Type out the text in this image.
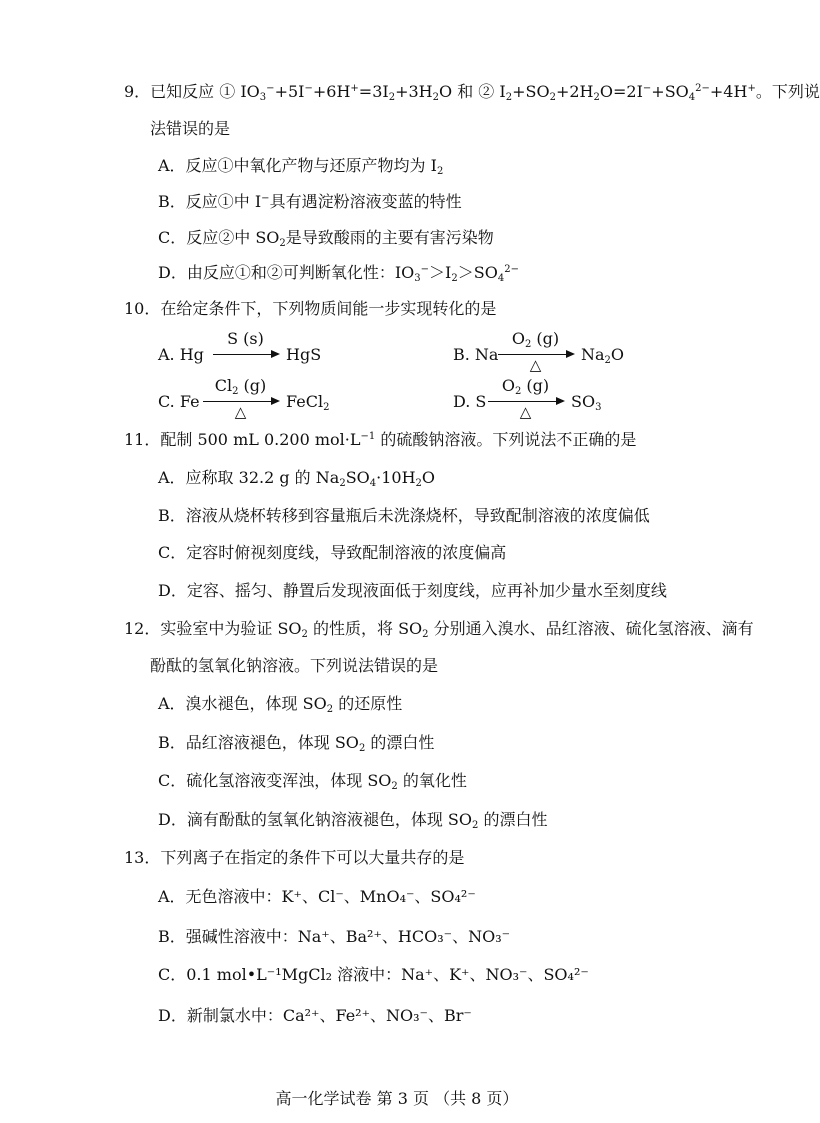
9．已知反应 ① $IO_3^-+5I^-+6H^+=3I_2+3H_2O$ 和 ② $I_2+SO_2+2H_2O=2I^-+SO_4^{2-}+4H^+$。下列说
法错误的是
A．反应①中氧化产物与还原产物均为 $I_2$
B．反应①中 I−具有遇淀粉溶液变蓝的特性
C．反应②中 $SO_2$是导致酸雨的主要有害污染物
D．由反应①和②可判断氧化性：$IO_3^->I_2>SO_4^{2-}$
10．在给定条件下，下列物质间能一步实现转化的是
A. Hg
S (s)
HgS	B. Na
$O_2$ (g)
△
$Na_2O$
C. Fe
$Cl_2$ (g)
△
FeCl$_2$	D. S
$O_2$ (g)
△
$SO_3$
11．配制 500 mL 0.200 $mol\cdot L^{-1}$ 的硫酸钠溶液。下列说法不正确的是
A．应称取 32.2 g 的 $Na_2SO_4\cdot 10H_2O$
B．溶液从烧杯转移到容量瓶后未洗涤烧杯，导致配制溶液的浓度偏低
C．定容时俯视刻度线，导致配制溶液的浓度偏高
D．定容、摇匀、静置后发现液面低于刻度线，应再补加少量水至刻度线
12．实验室中为验证 $SO_2$ 的性质，将 $SO_2$ 分别通入溴水、品红溶液、硫化氢溶液、滴有
酚酞的氢氧化钠溶液。下列说法错误的是
A．溴水褪色，体现 $SO_2$ 的还原性
B．品红溶液褪色，体现 $SO_2$ 的漂白性
C．硫化氢溶液变浑浊，体现 $SO_2$ 的氧化性
D．滴有酚酞的氢氧化钠溶液褪色，体现 $SO_2$ 的漂白性
13．下列离子在指定的条件下可以大量共存的是
A．无色溶液中：K⁺、Cl⁻、MnO₄⁻、SO₄²⁻
B．强碱性溶液中：Na⁺、Ba²⁺、HCO₃⁻、NO₃⁻
C．0.1 mol•L⁻¹MgCl₂ 溶液中：Na⁺、K⁺、NO₃⁻、SO₄²⁻
D．新制氯水中：Ca²⁺、Fe²⁺、NO₃⁻、Br⁻
高一化学试卷 第 3 页 （共 8 页）
